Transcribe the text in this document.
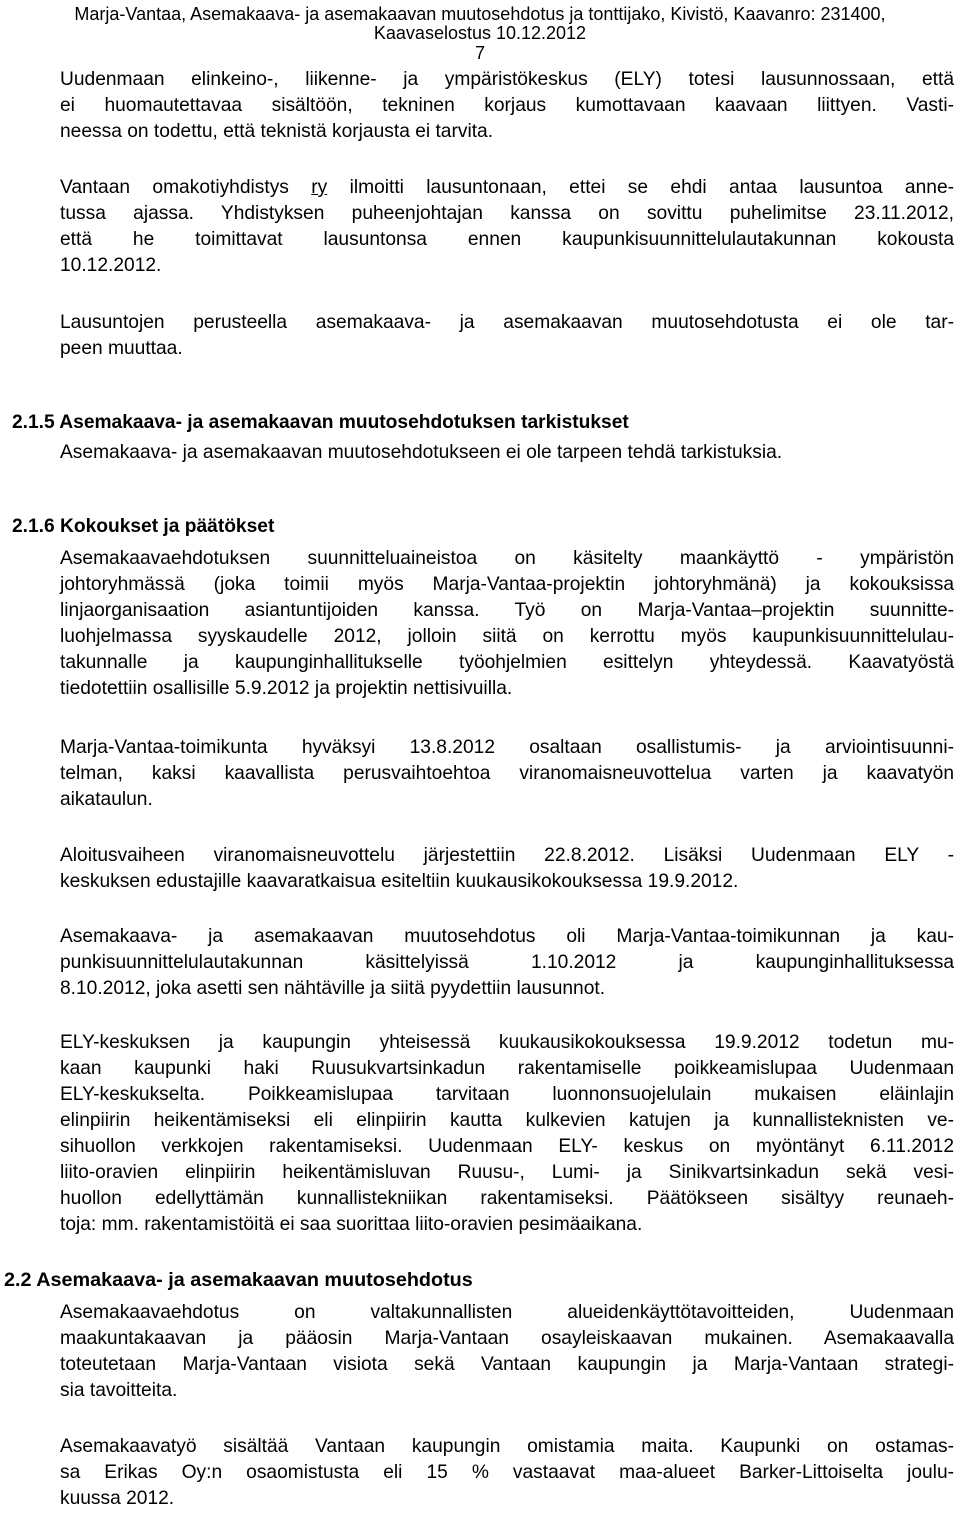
Marja-Vantaa, Asemakaava- ja asemakaavan muutosehdotus ja tonttijako, Kivistö, Kaavanro: 231400,
Kaavaselostus 10.12.2012
7
Uudenmaan elinkeino-, liikenne- ja ympäristökeskus (ELY) totesi lausunnossaan, että
ei huomautettavaa sisältöön, tekninen korjaus kumottavaan kaavaan liittyen. Vasti-
neessa on todettu, että teknistä korjausta ei tarvita.
Vantaan omakotiyhdistys ry ilmoitti lausuntonaan, ettei se ehdi antaa lausuntoa anne-
tussa ajassa. Yhdistyksen puheenjohtajan kanssa on sovittu puhelimitse 23.11.2012,
että he toimittavat lausuntonsa ennen kaupunkisuunnittelulautakunnan kokousta
10.12.2012.
Lausuntojen perusteella asemakaava- ja asemakaavan muutosehdotusta ei ole tar-
peen muuttaa.
2.1.5 Asemakaava- ja asemakaavan muutosehdotuksen tarkistukset
Asemakaava- ja asemakaavan muutosehdotukseen ei ole tarpeen tehdä tarkistuksia.
2.1.6 Kokoukset ja päätökset
Asemakaavaehdotuksen suunnitteluaineistoa on käsitelty maankäyttö - ympäristön
johtoryhmässä (joka toimii myös Marja-Vantaa-projektin johtoryhmänä) ja kokouksissa
linjaorganisaation asiantuntijoiden kanssa. Työ on Marja-Vantaa–projektin suunnitte-
luohjelmassa syyskaudelle 2012, jolloin siitä on kerrottu myös kaupunkisuunnittelulau-
takunnalle ja kaupunginhallitukselle työohjelmien esittelyn yhteydessä. Kaavatyöstä
tiedotettiin osallisille 5.9.2012 ja projektin nettisivuilla.
Marja-Vantaa-toimikunta hyväksyi 13.8.2012 osaltaan osallistumis- ja arviointisuunni-
telman, kaksi kaavallista perusvaihtoehtoa viranomaisneuvottelua varten ja kaavatyön
aikataulun.
Aloitusvaiheen viranomaisneuvottelu järjestettiin 22.8.2012. Lisäksi Uudenmaan ELY -
keskuksen edustajille kaavaratkaisua esiteltiin kuukausikokouksessa 19.9.2012.
Asemakaava- ja asemakaavan muutosehdotus oli Marja-Vantaa-toimikunnan ja kau-
punkisuunnittelulautakunnan käsittelyissä 1.10.2012 ja kaupunginhallituksessa
8.10.2012, joka asetti sen nähtäville ja siitä pyydettiin lausunnot.
ELY-keskuksen ja kaupungin yhteisessä kuukausikokouksessa 19.9.2012 todetun mu-
kaan kaupunki haki Ruusukvartsinkadun rakentamiselle poikkeamislupaa Uudenmaan
ELY-keskukselta. Poikkeamislupaa tarvitaan luonnonsuojelulain mukaisen eläinlajin
elinpiirin heikentämiseksi eli elinpiirin kautta kulkevien katujen ja kunnallisteknisten ve-
sihuollon verkkojen rakentamiseksi. Uudenmaan ELY- keskus on myöntänyt 6.11.2012
liito-oravien elinpiirin heikentämisluvan Ruusu-, Lumi- ja Sinikvartsinkadun sekä vesi-
huollon edellyttämän kunnallistekniikan rakentamiseksi. Päätökseen sisältyy reunaeh-
toja: mm. rakentamistöitä ei saa suorittaa liito-oravien pesimäaikana.
2.2 Asemakaava- ja asemakaavan muutosehdotus
Asemakaavaehdotus on valtakunnallisten alueidenkäyttötavoitteiden, Uudenmaan
maakuntakaavan ja pääosin Marja-Vantaan osayleiskaavan mukainen. Asemakaavalla
toteutetaan Marja-Vantaan visiota sekä Vantaan kaupungin ja Marja-Vantaan strategi-
sia tavoitteita.
Asemakaavatyö sisältää Vantaan kaupungin omistamia maita. Kaupunki on ostamas-
sa Erikas Oy:n osaomistusta eli 15 % vastaavat maa-alueet Barker-Littoiselta joulu-
kuussa 2012.
